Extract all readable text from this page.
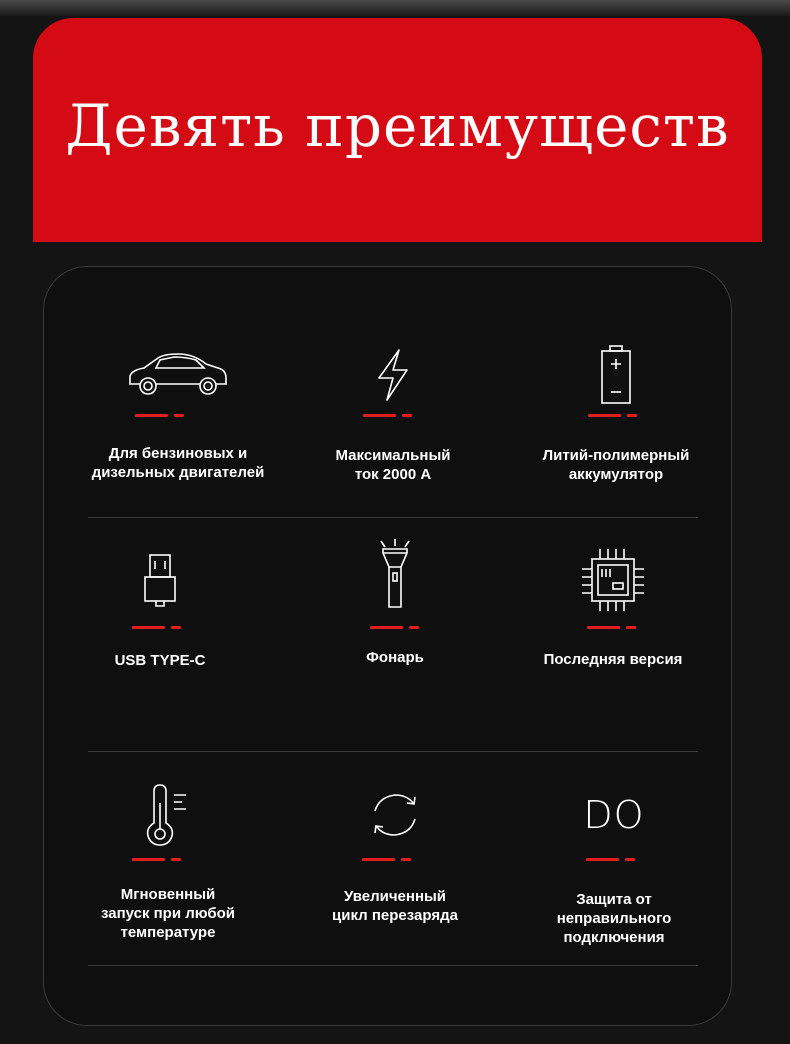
Девять преимуществ
Для бензиновых и
дизельных двигателей
Максимальный
ток 2000 А
Литий-полимерный
аккумулятор
USB TYPE-C	Фонарь	Последняя версия
Мгновенный
запуск при любой
температуре
Увеличенный
цикл перезаряда
DO
Защита от
неправильного
подключения
